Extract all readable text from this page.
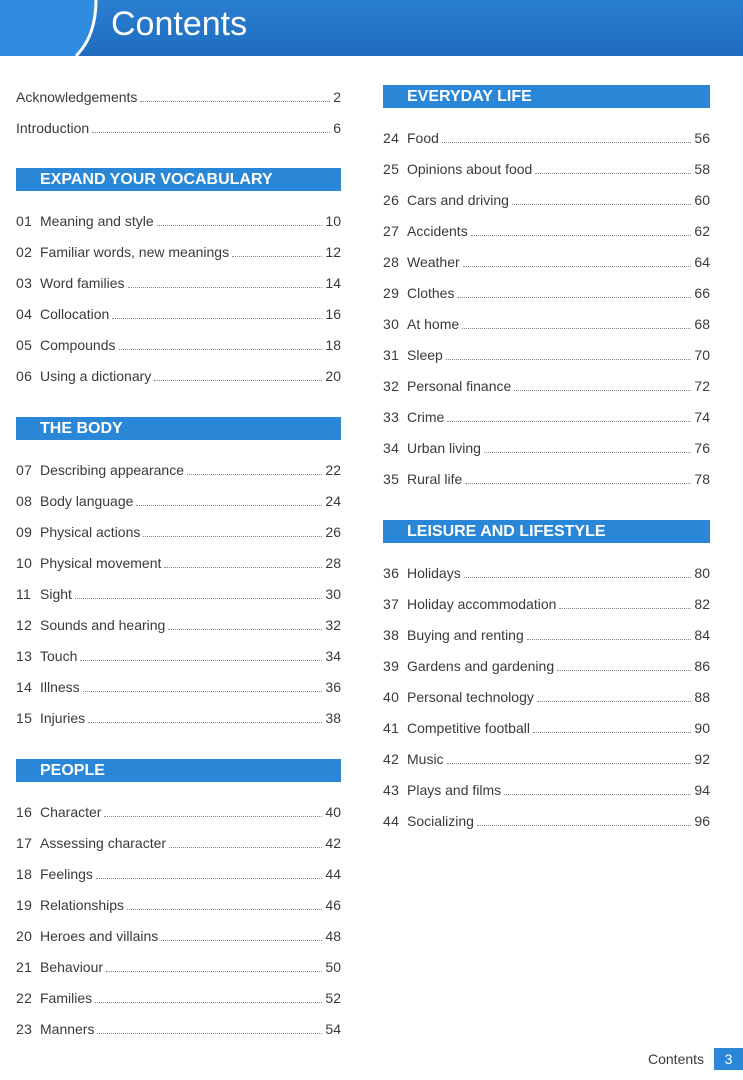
Contents
Acknowledgements	2
Introduction	6
EXPAND YOUR VOCABULARY
01 Meaning and style	10
02 Familiar words, new meanings	12
03 Word families	14
04 Collocation	16
05 Compounds	18
06 Using a dictionary	20
THE BODY
07 Describing appearance	22
08 Body language	24
09 Physical actions	26
10 Physical movement	28
11 Sight	30
12 Sounds and hearing	32
13 Touch	34
14 Illness	36
15 Injuries	38
PEOPLE
16 Character	40
17 Assessing character	42
18 Feelings	44
19 Relationships	46
20 Heroes and villains	48
21 Behaviour	50
22 Families	52
23 Manners	54
EVERYDAY LIFE
24 Food	56
25 Opinions about food	58
26 Cars and driving	60
27 Accidents	62
28 Weather	64
29 Clothes	66
30 At home	68
31 Sleep	70
32 Personal finance	72
33 Crime	74
34 Urban living	76
35 Rural life	78
LEISURE AND LIFESTYLE
36 Holidays	80
37 Holiday accommodation	82
38 Buying and renting	84
39 Gardens and gardening	86
40 Personal technology	88
41 Competitive football	90
42 Music	92
43 Plays and films	94
44 Socializing	96
Contents	3
